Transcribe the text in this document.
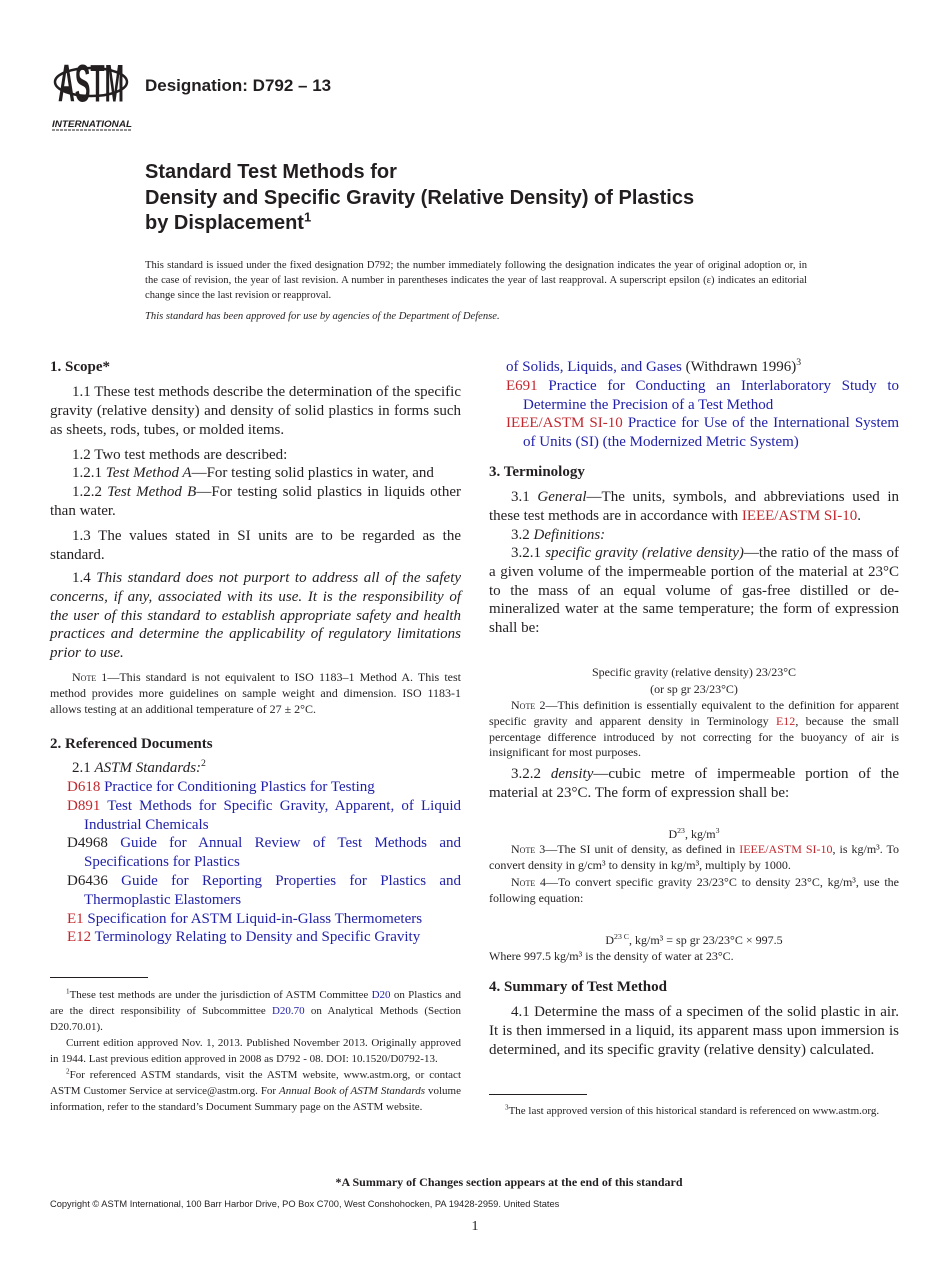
ASTM
INTERNATIONAL
Designation: D792 – 13
Standard Test Methods for
Density and Specific Gravity (Relative Density) of Plastics
by Displacement$^1$
This standard is issued under the fixed designation D792; the number immediately following the designation indicates the year of original adoption or, in the case of revision, the year of last revision. A number in parentheses indicates the year of last reapproval. A superscript epsilon (ε) indicates an editorial change since the last revision or reapproval.
This standard has been approved for use by agencies of the Department of Defense.
1. Scope*

1.1 These test methods describe the determination of the specific gravity (relative density) and density of solid plastics in forms such as sheets, rods, tubes, or molded items.

1.2 Two test methods are described:

1.2.1 Test Method A—For testing solid plastics in water, and

1.2.2 Test Method B—For testing solid plastics in liquids other than water.

1.3 The values stated in SI units are to be regarded as the standard.

1.4 This standard does not purport to address all of the safety concerns, if any, associated with its use. It is the responsibility of the user of this standard to establish appropriate safety and health practices and determine the applicability of regulatory limitations prior to use.

Note 1—This standard is not equivalent to ISO 1183–1 Method A. This test method provides more guidelines on sample weight and dimension. ISO 1183-1 allows testing at an additional temperature of 27 ± 2°C.
2. Referenced Documents

2.1 ASTM Standards:$^2$

D618 Practice for Conditioning Plastics for Testing
D891 Test Methods for Specific Gravity, Apparent, of Liquid Industrial Chemicals
D4968 Guide for Annual Review of Test Methods and Specifications for Plastics
D6436 Guide for Reporting Properties for Plastics and Thermoplastic Elastomers
E1 Specification for ASTM Liquid-in-Glass Thermometers
E12 Terminology Relating to Density and Specific Gravity
$^1$These test methods are under the jurisdiction of ASTM Committee D20 on Plastics and are the direct responsibility of Subcommittee D20.70 on Analytical Methods (Section D20.70.01).
Current edition approved Nov. 1, 2013. Published November 2013. Originally approved in 1944. Last previous edition approved in 2008 as D792 - 08. DOI: 10.1520/D0792-13.
$^2$For referenced ASTM standards, visit the ASTM website, www.astm.org, or contact ASTM Customer Service at service@astm.org. For Annual Book of ASTM Standards volume information, refer to the standard’s Document Summary page on the ASTM website.
of Solids, Liquids, and Gases (Withdrawn 1996)$^3$
E691 Practice for Conducting an Interlaboratory Study to Determine the Precision of a Test Method
IEEE/ASTM SI-10 Practice for Use of the International System of Units (SI) (the Modernized Metric System)
3. Terminology

3.1 General—The units, symbols, and abbreviations used in these test methods are in accordance with IEEE/ASTM SI-10.

3.2 Definitions:

3.2.1 specific gravity (relative density)—the ratio of the mass of a given volume of the impermeable portion of the material at 23°C to the mass of an equal volume of gas-free distilled or de-mineralized water at the same temperature; the form of expression shall be:

Specific gravity (relative density) 23/23°C
(or sp gr 23/23°C)
Note 2—This definition is essentially equivalent to the definition for apparent specific gravity and apparent density in Terminology E12, because the small percentage difference introduced by not correcting for the buoyancy of air is insignificant for most purposes.

3.2.2 density—cubic metre of impermeable portion of the material at 23°C. The form of expression shall be:

$D^{23}$, $kg/m^3$
Note 3—The SI unit of density, as defined in IEEE/ASTM SI-10, is kg/m³. To convert density in g/cm³ to density in kg/m³, multiply by 1000.
Note 4—To convert specific gravity 23/23°C to density 23°C, kg/m³, use the following equation:
$D^{23 C}$, kg/m³ = sp gr 23/23°C × 997.5
Where 997.5 kg/m³ is the density of water at 23°C.
4. Summary of Test Method

4.1 Determine the mass of a specimen of the solid plastic in air. It is then immersed in a liquid, its apparent mass upon immersion is determined, and its specific gravity (relative density) calculated.

$^3$The last approved version of this historical standard is referenced on www.astm.org.
*A Summary of Changes section appears at the end of this standard
Copyright © ASTM International, 100 Barr Harbor Drive, PO Box C700, West Conshohocken, PA 19428-2959. United States
1
